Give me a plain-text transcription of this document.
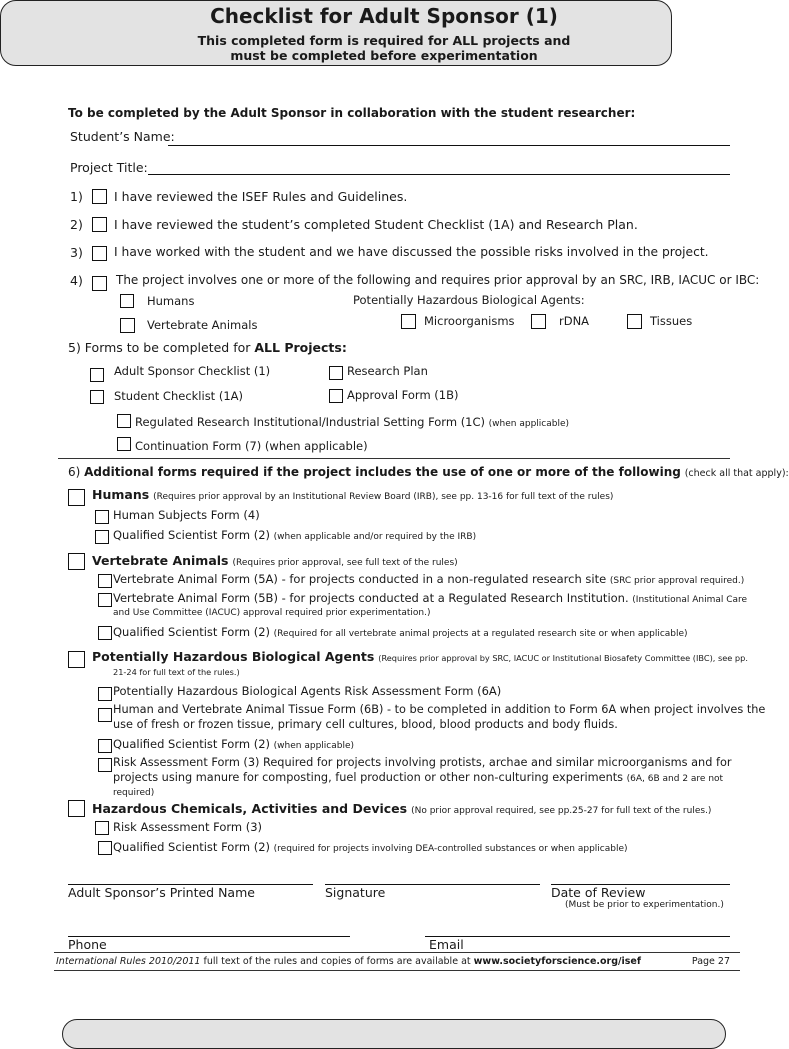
Checklist for Adult Sponsor (1)
This completed form is required for ALL projects and
must be completed before experimentation
To be completed by the Adult Sponsor in collaboration with the student researcher:
Student’s Name:
Project Title:
1) I have reviewed the ISEF Rules and Guidelines.
2) I have reviewed the student’s completed Student Checklist (1A) and Research Plan.
3)	I have worked with the student and we have discussed the possible risks involved in the project.
4)	The project involves one or more of the following and requires prior approval by an SRC, IRB, IACUC or IBC:
Humans	Potentially Hazardous Biological Agents:
Vertebrate Animals	Microorganisms	rDNA	Tissues
5) Forms to be completed for ALL Projects:
Adult Sponsor Checklist (1)	Research Plan
Student Checklist (1A)	Approval Form (1B)
Regulated Research Institutional/Industrial Setting Form (1C) (when applicable)
Continuation Form (7) (when applicable)
6) Additional forms required if the project includes the use of one or more of the following (check all that apply):
Humans (Requires prior approval by an Institutional Review Board (IRB), see pp. 13-16 for full text of the rules)
Human Subjects Form (4)
Qualified Scientist Form (2) (when applicable and/or required by the IRB)
Vertebrate Animals (Requires prior approval, see full text of the rules)
Vertebrate Animal Form (5A) - for projects conducted in a non-regulated research site (SRC prior approval required.)
Vertebrate Animal Form (5B) - for projects conducted at a Regulated Research Institution. (Institutional Animal Care
and Use Committee (IACUC) approval required prior experimentation.)
Qualified Scientist Form (2) (Required for all vertebrate animal projects at a regulated research site or when applicable)
Potentially Hazardous Biological Agents (Requires prior approval by SRC, IACUC or Institutional Biosafety Committee (IBC), see pp.
21-24 for full text of the rules.)
Potentially Hazardous Biological Agents Risk Assessment Form (6A)
Human and Vertebrate Animal Tissue Form (6B) - to be completed in addition to Form 6A when project involves the
use of fresh or frozen tissue, primary cell cultures, blood, blood products and body fluids.
Qualified Scientist Form (2) (when applicable)
Risk Assessment Form (3) Required for projects involving protists, archae and similar microorganisms and for
projects using manure for composting, fuel production or other non-culturing experiments (6A, 6B and 2 are not
required)
Hazardous Chemicals, Activities and Devices (No prior approval required, see pp.25-27 for full text of the rules.)
Risk Assessment Form (3)
Qualified Scientist Form (2) (required for projects involving DEA-controlled substances or when applicable)
Adult Sponsor’s Printed Name	Signature	Date of Review
(Must be prior to experimentation.)
Phone	Email
International Rules 2010/2011 full text of the rules and copies of forms are available at www.societyforscience.org/isef	Page 27
